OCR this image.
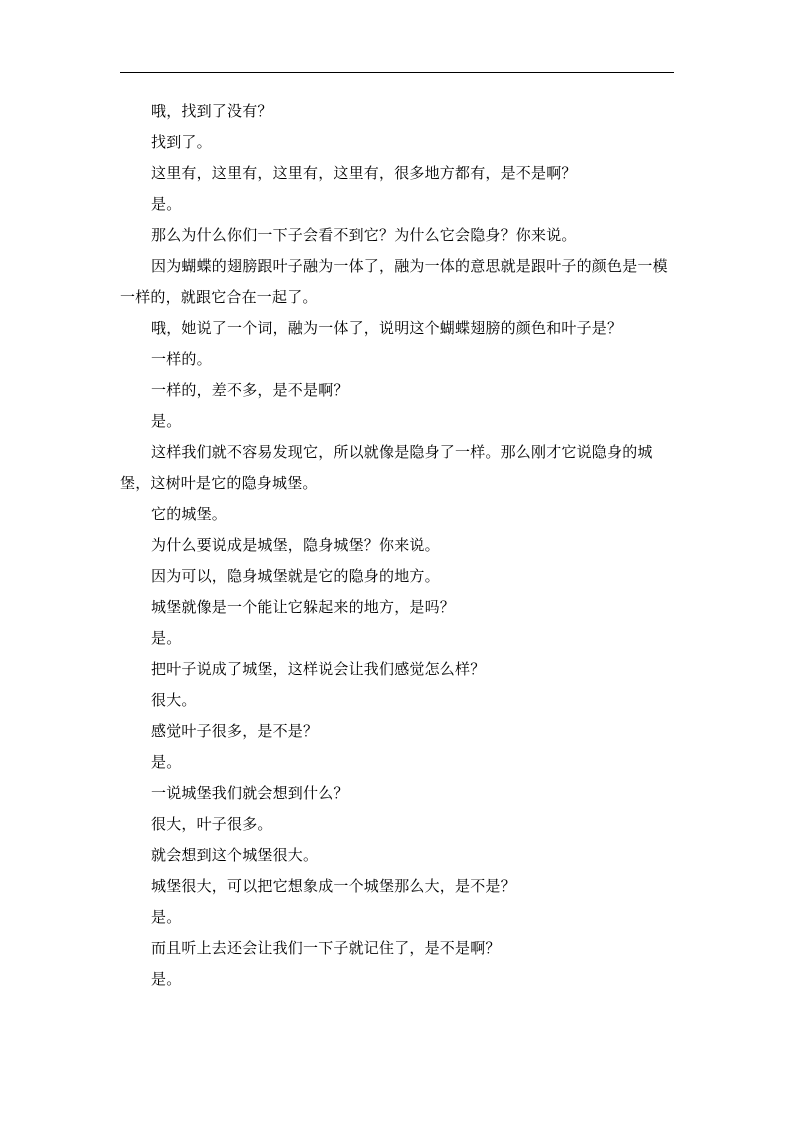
哦，找到了没有？

找到了。

这里有，这里有，这里有，这里有，很多地方都有，是不是啊？

是。

那么为什么你们一下子会看不到它？为什么它会隐身？你来说。

因为蝴蝶的翅膀跟叶子融为一体了，融为一体的意思就是跟叶子的颜色是一模一样的，就跟它合在一起了。

哦，她说了一个词，融为一体了，说明这个蝴蝶翅膀的颜色和叶子是？

一样的。

一样的，差不多，是不是啊？

是。

这样我们就不容易发现它，所以就像是隐身了一样。那么刚才它说隐身的城堡，这树叶是它的隐身城堡。

它的城堡。

为什么要说成是城堡，隐身城堡？你来说。

因为可以，隐身城堡就是它的隐身的地方。

城堡就像是一个能让它躲起来的地方，是吗？

是。

把叶子说成了城堡，这样说会让我们感觉怎么样？

很大。

感觉叶子很多，是不是？

是。

一说城堡我们就会想到什么？

很大，叶子很多。

就会想到这个城堡很大。

城堡很大，可以把它想象成一个城堡那么大，是不是？

是。

而且听上去还会让我们一下子就记住了，是不是啊？

是。
